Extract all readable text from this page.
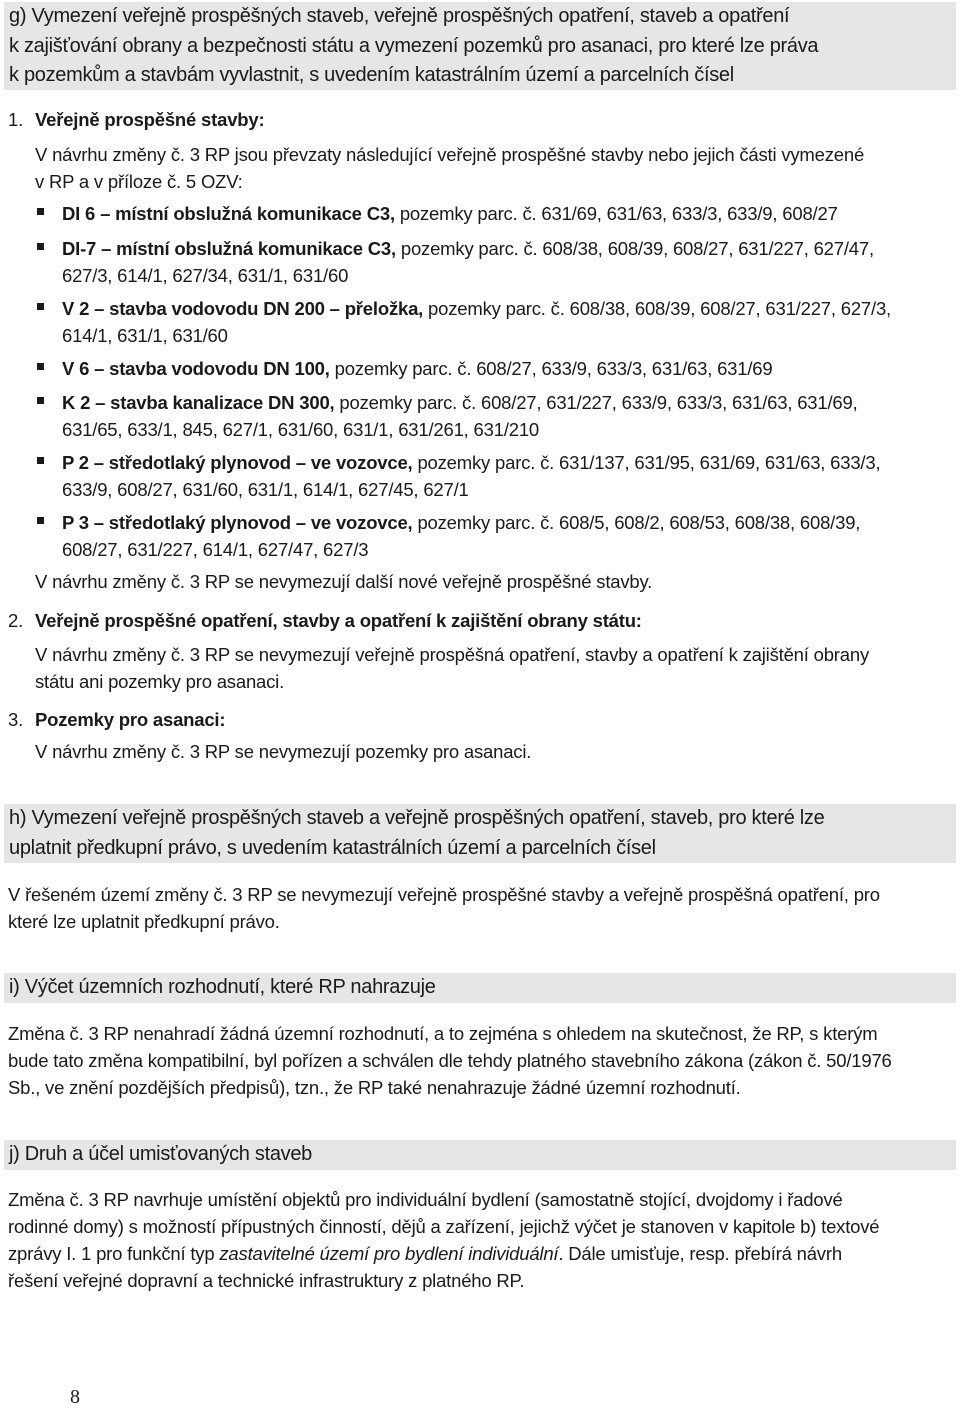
g) Vymezení veřejně prospěšných staveb, veřejně prospěšných opatření, staveb a opatření
k zajišťování obrany a bezpečnosti státu a vymezení pozemků pro asanaci, pro které lze práva
k pozemkům a stavbám vyvlastnit, s uvedením katastrálním území a parcelních čísel
1. Veřejně prospěšné stavby:
V návrhu změny č. 3 RP jsou převzaty následující veřejně prospěšné stavby nebo jejich části vymezené
v RP a v příloze č. 5 OZV:
DI 6 – místní obslužná komunikace C3, pozemky parc. č. 631/69, 631/63, 633/3, 633/9, 608/27
DI-7 – místní obslužná komunikace C3, pozemky parc. č. 608/38, 608/39, 608/27, 631/227, 627/47,
627/3, 614/1, 627/34, 631/1, 631/60
V 2 – stavba vodovodu DN 200 – přeložka, pozemky parc. č. 608/38, 608/39, 608/27, 631/227, 627/3,
614/1, 631/1, 631/60
V 6 – stavba vodovodu DN 100, pozemky parc. č. 608/27, 633/9, 633/3, 631/63, 631/69
K 2 – stavba kanalizace DN 300, pozemky parc. č. 608/27, 631/227, 633/9, 633/3, 631/63, 631/69,
631/65, 633/1, 845, 627/1, 631/60, 631/1, 631/261, 631/210
P 2 – středotlaký plynovod – ve vozovce, pozemky parc. č. 631/137, 631/95, 631/69, 631/63, 633/3,
633/9, 608/27, 631/60, 631/1, 614/1, 627/45, 627/1
P 3 – středotlaký plynovod – ve vozovce, pozemky parc. č. 608/5, 608/2, 608/53, 608/38, 608/39,
608/27, 631/227, 614/1, 627/47, 627/3
V návrhu změny č. 3 RP se nevymezují další nové veřejně prospěšné stavby.
2. Veřejně prospěšné opatření, stavby a opatření k zajištění obrany státu:
V návrhu změny č. 3 RP se nevymezují veřejně prospěšná opatření, stavby a opatření k zajištění obrany
státu ani pozemky pro asanaci.
3. Pozemky pro asanaci:
V návrhu změny č. 3 RP se nevymezují pozemky pro asanaci.
h) Vymezení veřejně prospěšných staveb a veřejně prospěšných opatření, staveb, pro které lze
uplatnit předkupní právo, s uvedením katastrálních území a parcelních čísel
V řešeném území změny č. 3 RP se nevymezují veřejně prospěšné stavby a veřejně prospěšná opatření, pro
které lze uplatnit předkupní právo.
i) Výčet územních rozhodnutí, které RP nahrazuje
Změna č. 3 RP nenahradí žádná územní rozhodnutí, a to zejména s ohledem na skutečnost, že RP, s kterým
bude tato změna kompatibilní, byl pořízen a schválen dle tehdy platného stavebního zákona (zákon č. 50/1976
Sb., ve znění pozdějších předpisů), tzn., že RP také nenahrazuje žádné územní rozhodnutí.
j) Druh a účel umisťovaných staveb
Změna č. 3 RP navrhuje umístění objektů pro individuální bydlení (samostatně stojící, dvojdomy i řadové
rodinné domy) s možností přípustných činností, dějů a zařízení, jejichž výčet je stanoven v kapitole b) textové
zprávy I. 1 pro funkční typ zastavitelné území pro bydlení individuální. Dále umisťuje, resp. přebírá návrh
řešení veřejné dopravní a technické infrastruktury z platného RP.
8
